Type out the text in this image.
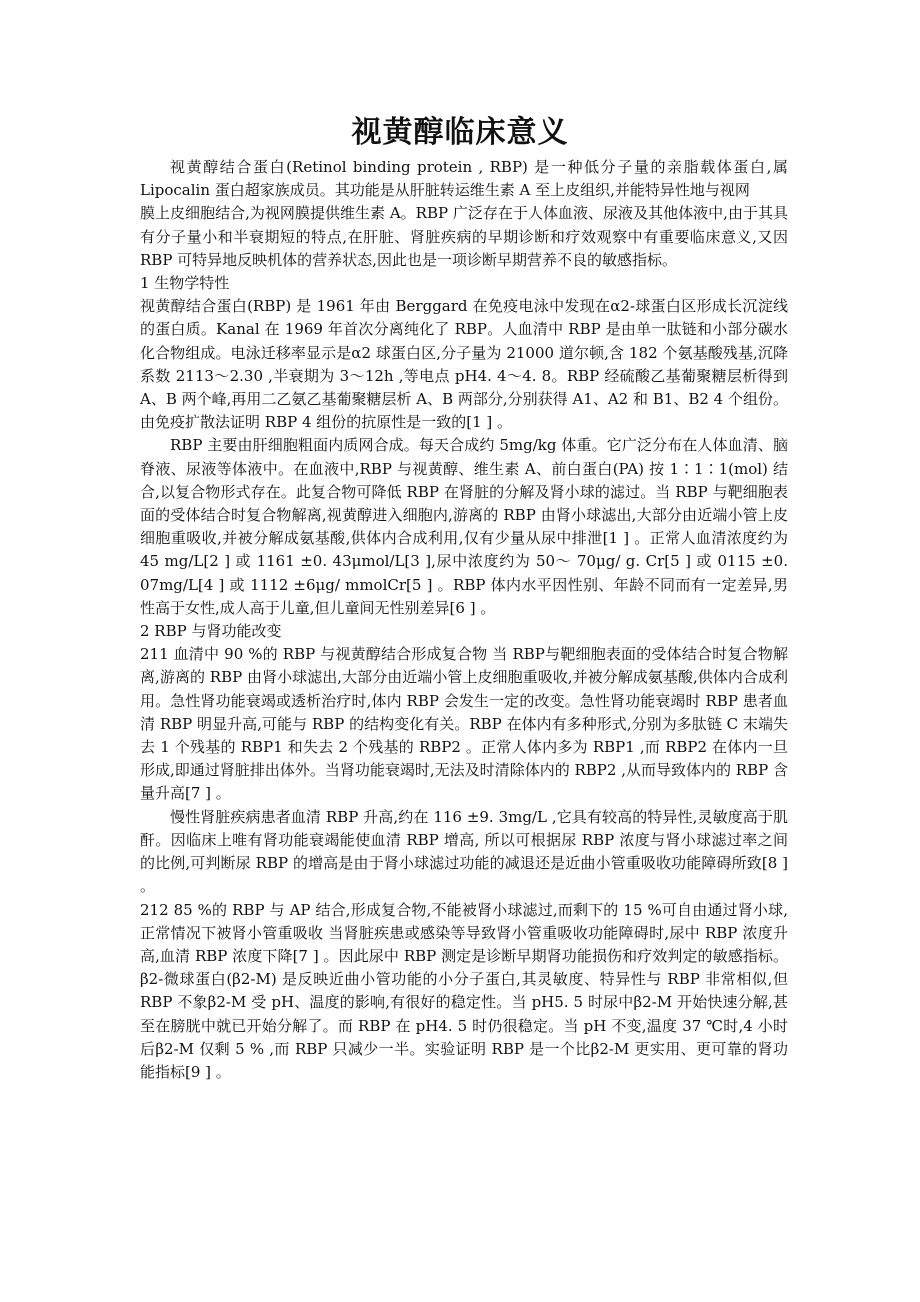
视黄醇临床意义

视黄醇结合蛋白(Retinol binding protein , RBP) 是一种低分子量的亲脂载体蛋白,属Lipocalin 蛋白超家族成员。其功能是从肝脏转运维生素 A 至上皮组织,并能特异性地与视网

膜上皮细胞结合,为视网膜提供维生素 A。RBP 广泛存在于人体血液、尿液及其他体液中,由于其具有分子量小和半衰期短的特点,在肝脏、肾脏疾病的早期诊断和疗效观察中有重要临床意义,又因 RBP 可特异地反映机体的营养状态,因此也是一项诊断早期营养不良的敏感指标。

1 生物学特性

视黄醇结合蛋白(RBP) 是 1961 年由 Berggard 在免疫电泳中发现在α2-球蛋白区形成长沉淀线的蛋白质。Kanal 在 1969 年首次分离纯化了 RBP。人血清中 RBP 是由单一肽链和小部分碳水化合物组成。电泳迁移率显示是α2 球蛋白区,分子量为 21000 道尔顿,含 182 个氨基酸残基,沉降系数 2113～2.30 ,半衰期为 3～12h ,等电点 pH4. 4～4. 8。RBP 经硫酸乙基葡聚糖层析得到 A、B 两个峰,再用二乙氨乙基葡聚糖层析 A、B 两部分,分别获得 A1、A2 和 B1、B2 4 个组份。由免疫扩散法证明 RBP 4 组份的抗原性是一致的[1 ] 。

RBP 主要由肝细胞粗面内质网合成。每天合成约 5mg/kg 体重。它广泛分布在人体血清、脑脊液、尿液等体液中。在血液中,RBP 与视黄醇、维生素 A、前白蛋白(PA) 按 1∶1∶1(mol) 结合,以复合物形式存在。此复合物可降低 RBP 在肾脏的分解及肾小球的滤过。当 RBP 与靶细胞表面的受体结合时复合物解离,视黄醇进入细胞内,游离的 RBP 由肾小球滤出,大部分由近端小管上皮细胞重吸收,并被分解成氨基酸,供体内合成利用,仅有少量从尿中排泄[1 ] 。正常人血清浓度约为 45 mg/L[2 ] 或 1161 ±0. 43μmol/L[3 ],尿中浓度约为 50～ 70μg/ g. Cr[5 ] 或 0115 ±0. 07mg/L[4 ] 或 1112 ±6μg/ mmolCr[5 ] 。RBP 体内水平因性别、年龄不同而有一定差异,男性高于女性,成人高于儿童,但儿童间无性别差异[6 ] 。

2 RBP 与肾功能改变

211 血清中 90 %的 RBP 与视黄醇结合形成复合物 当 RBP与靶细胞表面的受体结合时复合物解离,游离的 RBP 由肾小球滤出,大部分由近端小管上皮细胞重吸收,并被分解成氨基酸,供体内合成利用。急性肾功能衰竭或透析治疗时,体内 RBP 会发生一定的改变。急性肾功能衰竭时 RBP 患者血清 RBP 明显升高,可能与 RBP 的结构变化有关。RBP 在体内有多种形式,分别为多肽链 C 末端失去 1 个残基的 RBP1 和失去 2 个残基的 RBP2 。正常人体内多为 RBP1 ,而 RBP2 在体内一旦形成,即通过肾脏排出体外。当肾功能衰竭时,无法及时清除体内的 RBP2 ,从而导致体内的 RBP 含量升高[7 ] 。

慢性肾脏疾病患者血清 RBP 升高,约在 116 ±9. 3mg/L ,它具有较高的特异性,灵敏度高于肌酐。因临床上唯有肾功能衰竭能使血清 RBP 增高, 所以可根据尿 RBP 浓度与肾小球滤过率之间的比例,可判断尿 RBP 的增高是由于肾小球滤过功能的减退还是近曲小管重吸收功能障碍所致[8 ] 。

212 85 %的 RBP 与 AP 结合,形成复合物,不能被肾小球滤过,而剩下的 15 %可自由通过肾小球,正常情况下被肾小管重吸收 当肾脏疾患或感染等导致肾小管重吸收功能障碍时,尿中 RBP 浓度升高,血清 RBP 浓度下降[7 ] 。因此尿中 RBP 测定是诊断早期肾功能损伤和疗效判定的敏感指标。β2-微球蛋白(β2-M) 是反映近曲小管功能的小分子蛋白,其灵敏度、特异性与 RBP 非常相似,但 RBP 不象β2-M 受 pH、温度的影响,有很好的稳定性。当 pH5. 5 时尿中β2-M 开始快速分解,甚至在膀胱中就已开始分解了。而 RBP 在 pH4. 5 时仍很稳定。当 pH 不变,温度 37 ℃时,4 小时后β2-M 仅剩 5 % ,而 RBP 只减少一半。实验证明 RBP 是一个比β2-M 更实用、更可靠的肾功能指标[9 ] 。
